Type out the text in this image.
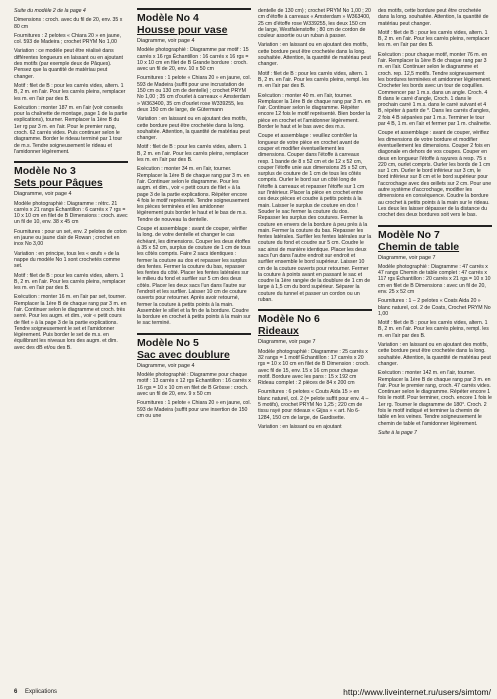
Suite du modèle 2 de la page 4

Dimensions : croch. avec du fil de 20, env. 35 x 80 cm

Fournitures : 2 pelotes « Chiara 20 » en jaune, col. 593 de Madeira ; crochet PRYM No 1,00

Variation : ce modèle peut être réalisé dans différentes longueurs en laissant ou en ajoutant des motifs (par exemple deux de Pâques). Pensez que la quantité de matériau peut changer.

Motif : filet de B : pour les carrés vides, altern. 1 B, 2 m. en l'air. Pour les carrés pleins, remplacer les m. en l'air par des B.

Exécution : monter 187 m. en l'air (voir conseils pour la chaînette de montage, page 1 de la partie explications), tourner. Remplacer la 1ère B du 1er rg par 3 m. en l'air. Pour le premier rang, croch. 62 carrés vides. Puis continuer selon le diagramme. Border le rideau terminé par 1 tour de m.s. Tendre soigneusement le rideau et l'amidonner légèrement.

Modèle No 3
Sets pour Pâques

Diagramme, voir page 4

Modèle photographié : Diagramme : rétrc. 21 carrés x 21 rangs Échantillon : 6 carrés x 7 rgs = 10 x 10 cm en filet de B Dimensions : croch. avec un fil de 10, env. 38 x 45 cm

Fournitures : pour un set, env. 2 pelotes de coton en jaune ou jaune clair de Rowan ; crochet en inox No 3,00

Variation : en principe, tous les « œufs » de la nappe du modèle No 1 sont crochetés comme set.

Motif : filet de B : pour les carrés vides, altern. 1 B, 2 m. en l'air. Pour les carrés pleins, remplacer les m. en l'air par des B.

Exécution : monter 16 m. en l'air par set, tourner. Remplacer la 1ère B de chaque rang par 3 m. en l'air. Continuer selon le diagramme et croch. très serré. Pour les augm. et dim., voir « petit cours de filet » à la page 3 de la partie explications. Tendre soigneusement le set et l'amidonner légèrement. Puis border le set de m.s. en équilibrant les niveaux lors des augm. et dim. avec des dB et/ou des B.

Modèle No 4
Housse pour vase

Diagramme, voir page 4

Modèle photographié : Diagramme par motif : 15 carrés x 16 rgs Échantillon : 16 carrés x 16 rgs = 10 x 10 cm en filet de B Grande bordure : croch. avec un fil de 20, env. 10 x 50 cm

Fournitures : 1 pelote « Chiara 20 » en jaune, col. 593 de Madeira (suffit pour une incrustation de 150 cm ou 130 cm de dentelle) ; crochet PRYM No 1,00 ; 35 cm d'ourlet à carreaux « Amsterdam » W363400, 35 cm d'ourlet rose W339255, les deux 150 cm de large, de Gütermann

Variation : en laissant ou en ajoutant des motifs, cette bordure peut être crochetée dans la long. souhaitée. Attention, la quantité de matériau peut changer.

Motif : filet de B : pour les carrés vides, altern. 1 B, 2 m. en l'air. Pour les carrés pleins, remplacer les m. en l'air par des B.

Exécution : monter 34 m. en l'air, tourner. Remplacer la 1ère B de chaque rang par 3 m. en l'air. Continuer selon le diagramme. Pour les augm. et dim., voir « petit cours de filet » à la page 3 de la partie explications. Répéter encore 4 fois le motif représenté. Tendre soigneusement les pièces terminées et les amidonner légèrement puis border le haut et le bas de m.s. Tendre de nouveau la dentelle.

Coupe et assemblage : avant de couper, vérifier la long. de votre dentelle et changer le cas échéant, les dimensions. Couper les deux étoffes à 35 x 52 cm, surplus de couture de 1 cm de tous les côtés compris. Faire 2 sacs identiques : fermer la couture au dos et repasser les surplus des fentes. Fermer la couture du bas, repasser les fentes du côté. Placer les fentes latérales sur le milieu du fond et surfiler sur 5 cm des deux côtés. Placer les deux sacs l'un dans l'autre sur l'endroit et les surfiler. Laisser 10 cm de couture ouverts pour retourner. Après avoir retourné, fermer la couture à petits points à la main. Assembler le sillet et la fin de la bordure. Coudre la bordure en crochet à petits points à la main sur le sac terminé.

Modèle No 5
Sac avec doublure

Diagramme, voir page 4

Modèle photographié : Diagramme pour chaque motif : 13 carrés x 12 rgs Échantillon : 16 carrés x 16 rgs = 10 x 10 cm en filet de B Grösse : croch. avec un fil de 20, env. 9 x 50 cm

Fournitures : 1 pelote « Chiara 20 » en jaune, col. 593 de Madeira (suffit pour une insertion de 150 cm ou une

dentelle de 130 cm) ; crochet PRYM No 1,00 ; 20 cm d'étoffe à carreaux « Amsterdam » W363400, 25 cm d'étoffe rose W339255, les deux 150 cm de large, Westfalenstoffe ; 80 cm de cordon de couleur assortie ou un ruban à passer.

Variation : en laissant ou en ajoutant des motifs, cette bordure peut être crochetée dans la long. souhaitée. Attention, la quantité de matériau peut changer.

Motif : filet de B : pour les carrés vides, altern. 1 B, 2 m. en l'air. Pour les carrés pleins, rempl. les m. en l'air par des B.

Exécution : monter 40 m. en l'air, tourner. Remplacer la 1ère B de chaque rang par 3 m. en l'air. Continuer selon le diagramme. Répéter encore 12 fois le motif représenté. Bien border la pièce en crochet et l'amidonner légèrement. Border le haut et le bas avec des m.s.

Coupe et assemblage : veuillez contrôler la longueur de votre pièce en crochet avant de couper et modifier éventuellement les dimensions. Couper dans l'étoffe à carreaux resp. 1 bande de 8 x 52 cm et de 12 x 52 cm, couper l'étoffe unie aux dimensions 25 x 52 cm, surplus de couture de 1 cm de tous les côtés compris. Ourler le bord sur un côté long de l'étoffe à carreaux et repasser l'étoffe sur 1 cm sur l'intérieur. Placer la pièce en crochet entre ces deux pièces et coudre à petits points à la main. Laisser le surplus de couture en dos ! Souder le sac fermer la couture du dos. Repasser les surplus des coutures. Fermer la couture en envers de la bordure à peu près à la main. Fermer la couture du bas. Repasser les fentes latérales. Surfiler les fentes latérales sur la couture du fond et coudre sur 5 cm. Coudre le sac ainsi de manière identique. Placer les deux sacs l'un dans l'autre endroit sur endroit et surfiler ensemble le bord supérieur. Laisser 10 cm de la couture ouverts pour retourner. Fermer la couture à points avant en passant le sac et coudre la 1ère rangée de la doublure de 1 cm de large à 1,5 cm du bord supérieur. Séparer la couture du tunnel et passer un cordon ou un ruban.

Modèle No 6
Rideaux

Diagramme, voir page 7

Modèle photographié : Diagramme : 25 carrés x 32 rangs = 1 motif Échantillon : 17 carrés x 20 rgs = 10 x 10 cm en filet de B Dimension : croch. avec fil de 15, env. 15 x 16 cm pour chaque motif. Bordure avec les pans : 15 x 192 cm Rideau complet : 2 pièces de 84 x 200 cm

Fournitures : 6 pelotes « Couts Aida 15 » en blanc naturel, col. 2 (= pelote suffit pour env. 4 – 5 motifs), crochet PRYM No 1,25 ; 220 cm de tissu rayé pour rideaux « Gijsa » « art. No 6-1284, 150 cm de large, de Gardisette.

Variation : en laissant ou en ajoutant

des motifs, cette bordure peut être crochetée dans la long. souhaitée. Attention, la quantité de matériau peut changer.

Motif : filet de B : pour les carrés vides, altern. 1 B, 2 m. en l'air. Pour les carrés pleins, remplacer les m. en l'air par des B.

Exécution : pour chaque motif, monter 76 m. en l'air. Remplacer la 1ère B de chaque rang par 3 m. en l'air. Continuer selon le diagramme et croch. rep. 12,5 motifs. Tendre soigneusement les bordures terminées et amidonner légèrement. Crocheter les bords avec un tour de coquilles. Commencer par 1 m.s. dans un angle. Croch. 4 B dans le carré d'angle, Croch. 1 dans le prochain carré 1 m.s. dans le carré suivant et 4 B, répéter à partir de *. Dans les carrés d'angles, 2 fois 4 B séparées par 1 m.s. Terminer le tour par 4 B, 1 m. en l'air et fermer par 1 m. chaînette.

Coupe et assemblage : avant de couper, vérifiez les dimensions de votre bordure et modifier éventuellement les dimensions. Couper 2 fois en diagonale en dehors de vos coupes. Couper en deux en longueur l'étoffe à rayures à resp. 75 x 220 cm, ourlet compris. Ourler les bords de 1 cm sur 1 cm. Ourler le bord inférieur sur 3 cm, le bord inférieur sur 8 cm et le bord supérieur pour l'accrochage avec des œillets sur 2 cm. Pour une autre système d'accrochage, modifier les dimensions en conséquence. Coudre la bordure au crochet à petits points à la main sur le rideau. Les deux les laisser dépasser de la distance du crochet des deux bordures soit vers le bas.

Modèle No 7
Chemin de table

Diagramme, voir page 7

Modèle photographié : Diagramme : 47 carrés x 47 rangs Chemin de table complet : 47 carrés x 117 rgs Échantillon : 20 carrés x 21 rgs = 10 x 10 cm en filet de B Dimensions : avec un fil de 20, env. 25 x 52 cm

Fournitures : 1 – 2 pelotes « Coats Aida 20 » blanc naturel, col. 2 de Coats, Crochet PRYM No 1,00

Motif : filet de B : pour les carrés vides, altern. 1 B, 2 m. en l'air. Pour les carrés pleins, rempl. les m. en l'air par des B.

Variation : en laissant ou en ajoutant des motifs, cette bordure peut être crochetée dans la long. souhaitée. Attention, la quantité de matériau peut changer.

Exécution : monter 142 m. en l'air, tourner. Remplacer la 1ère B de chaque rang par 3 m. en l'air. Pour le premier rang, croch. 47 carrés vides. Continuer selon le diagramme. Répéter encore 1 fois le motif. Pour terminer, croch. encore 1 fois le 1er rg. Tourner le diagramme de 180°. Croch. 2 fois le motif indiqué et terminer la chemin de table en les veines. Tendre soigneusement le chemin de table et l'amidonner légèrement.

Suite à la page 7

6 Explications	http://www.liveinternet.ru/users/simtom/
